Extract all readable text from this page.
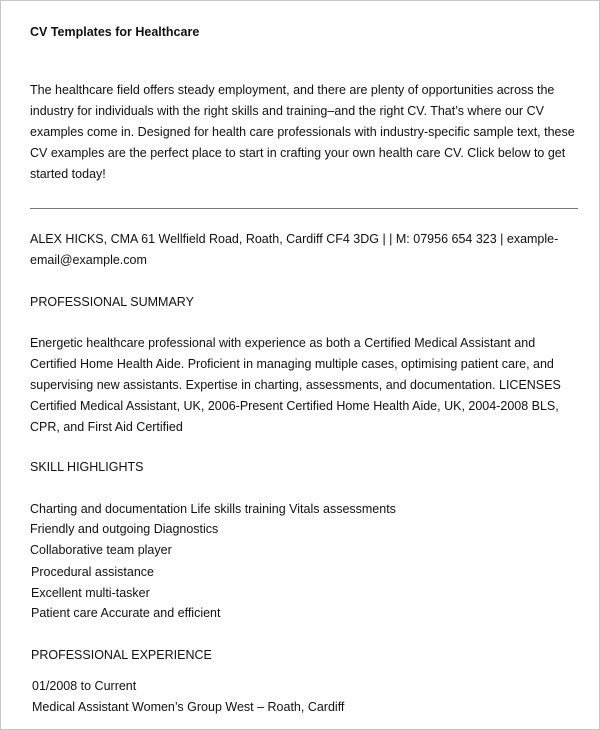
CV Templates for Healthcare
The healthcare field offers steady employment, and there are plenty of opportunities across the industry for individuals with the right skills and training–and the right CV. That’s where our CV examples come in. Designed for health care professionals with industry-specific sample text, these CV examples are the perfect place to start in crafting your own health care CV. Click below to get started today!
ALEX HICKS, CMA 61 Wellfield Road, Roath, Cardiff CF4 3DG | | M: 07956 654 323 | example-email@example.com
PROFESSIONAL SUMMARY
Energetic healthcare professional with experience as both a Certified Medical Assistant and Certified Home Health Aide. Proficient in managing multiple cases, optimising patient care, and supervising new assistants. Expertise in charting, assessments, and documentation. LICENSES Certified Medical Assistant, UK, 2006-Present Certified Home Health Aide, UK, 2004-2008 BLS, CPR, and First Aid Certified
SKILL HIGHLIGHTS
Charting and documentation Life skills training Vitals assessments
Friendly and outgoing Diagnostics
Collaborative team player
Procedural assistance
Excellent multi-tasker
Patient care Accurate and efficient
PROFESSIONAL EXPERIENCE
01/2008 to Current
Medical Assistant Women’s Group West – Roath, Cardiff
